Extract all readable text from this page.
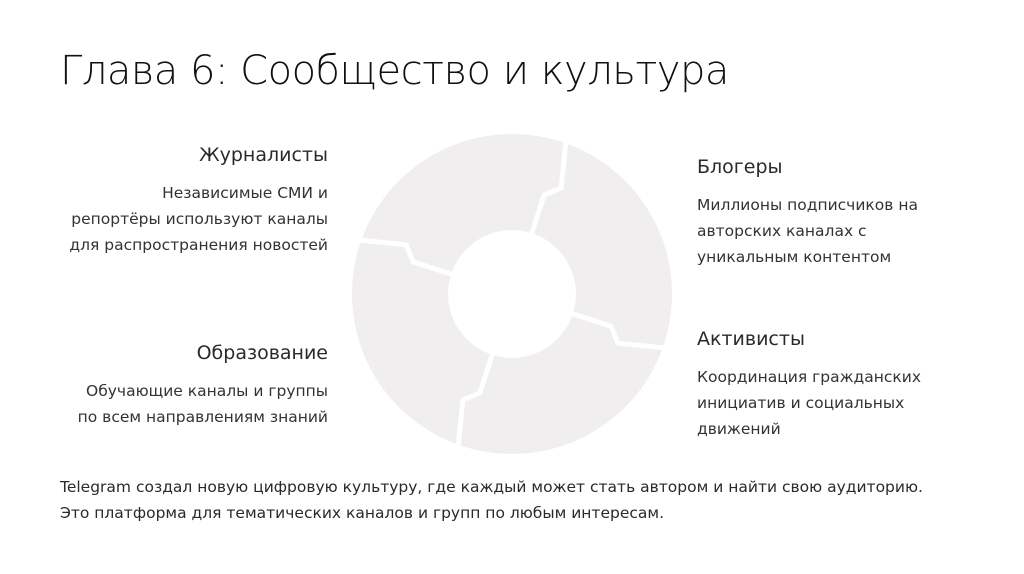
Глава 6: Сообщество и культура
Журналисты
Независимые СМИ и
репортёры используют каналы
для распространения новостей
Образование
Обучающие каналы и группы
по всем направлениям знаний
Блогеры
Миллионы подписчиков на
авторских каналах с
уникальным контентом
Активисты
Координация гражданских
инициатив и социальных
движений
Telegram создал новую цифровую культуру, где каждый может стать автором и найти свою аудиторию.
Это платформа для тематических каналов и групп по любым интересам.
